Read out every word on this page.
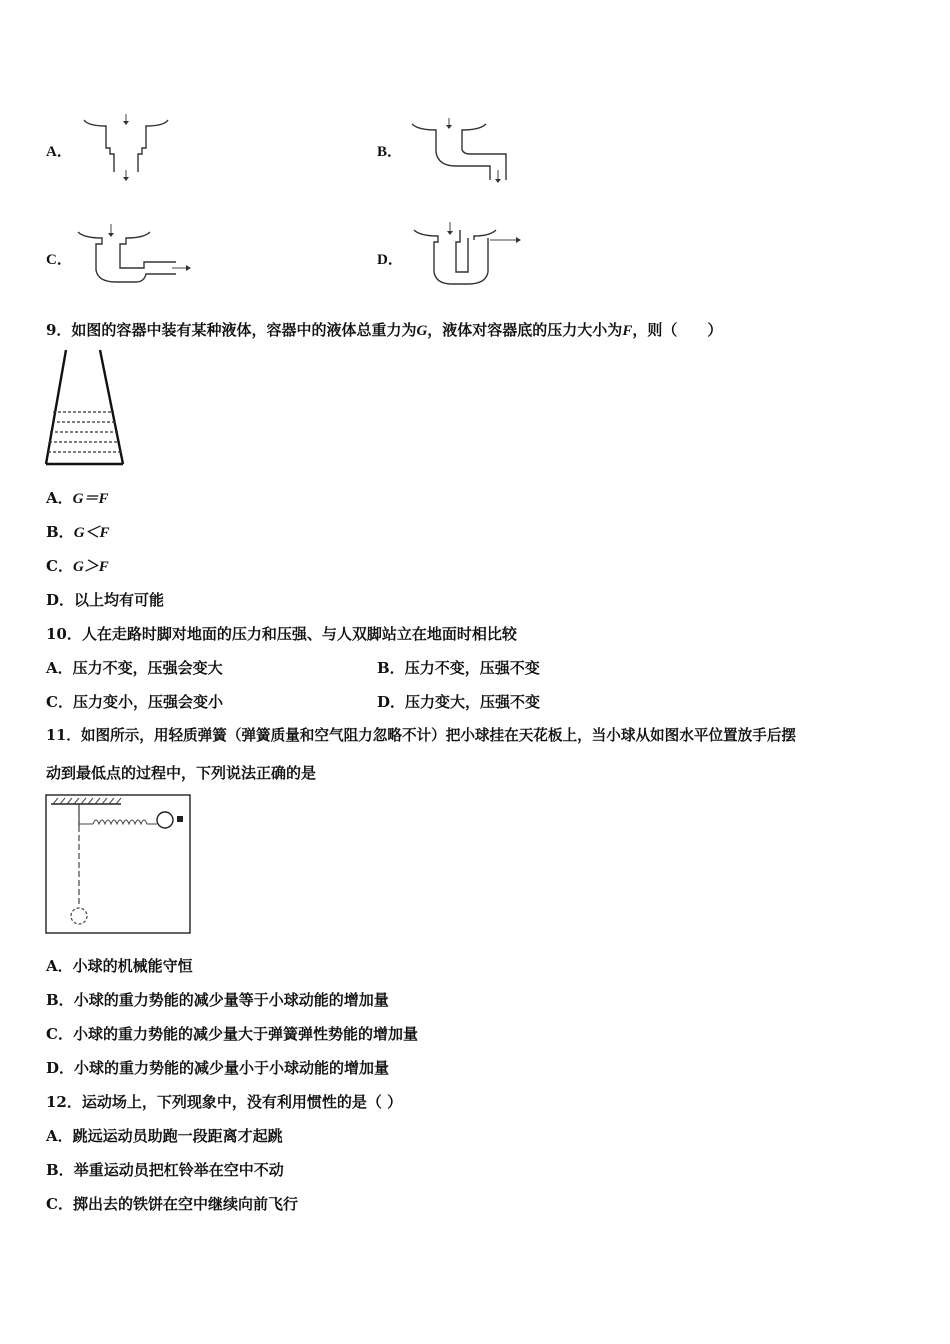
A．	B．
C．	D．
9．如图的容器中装有某种液体，容器中的液体总重力为G，液体对容器底的压力大小为F，则（　　）
A．G＝F
B．G＜F
C．G＞F
D．以上均有可能
10．人在走路时脚对地面的压力和压强、与人双脚站立在地面时相比较
A．压力不变，压强会变大	B．压力不变，压强不变
C．压力变小，压强会变小	D．压力变大，压强不变
11．如图所示，用轻质弹簧（弹簧质量和空气阻力忽略不计）把小球挂在天花板上，当小球从如图水平位置放手后摆
动到最低点的过程中，下列说法正确的是
A．小球的机械能守恒
B．小球的重力势能的减少量等于小球动能的增加量
C．小球的重力势能的减少量大于弹簧弹性势能的增加量
D．小球的重力势能的减少量小于小球动能的增加量
12．运动场上，下列现象中，没有利用惯性的是（ ）
A．跳远运动员助跑一段距离才起跳
B．举重运动员把杠铃举在空中不动
C．掷出去的铁饼在空中继续向前飞行
